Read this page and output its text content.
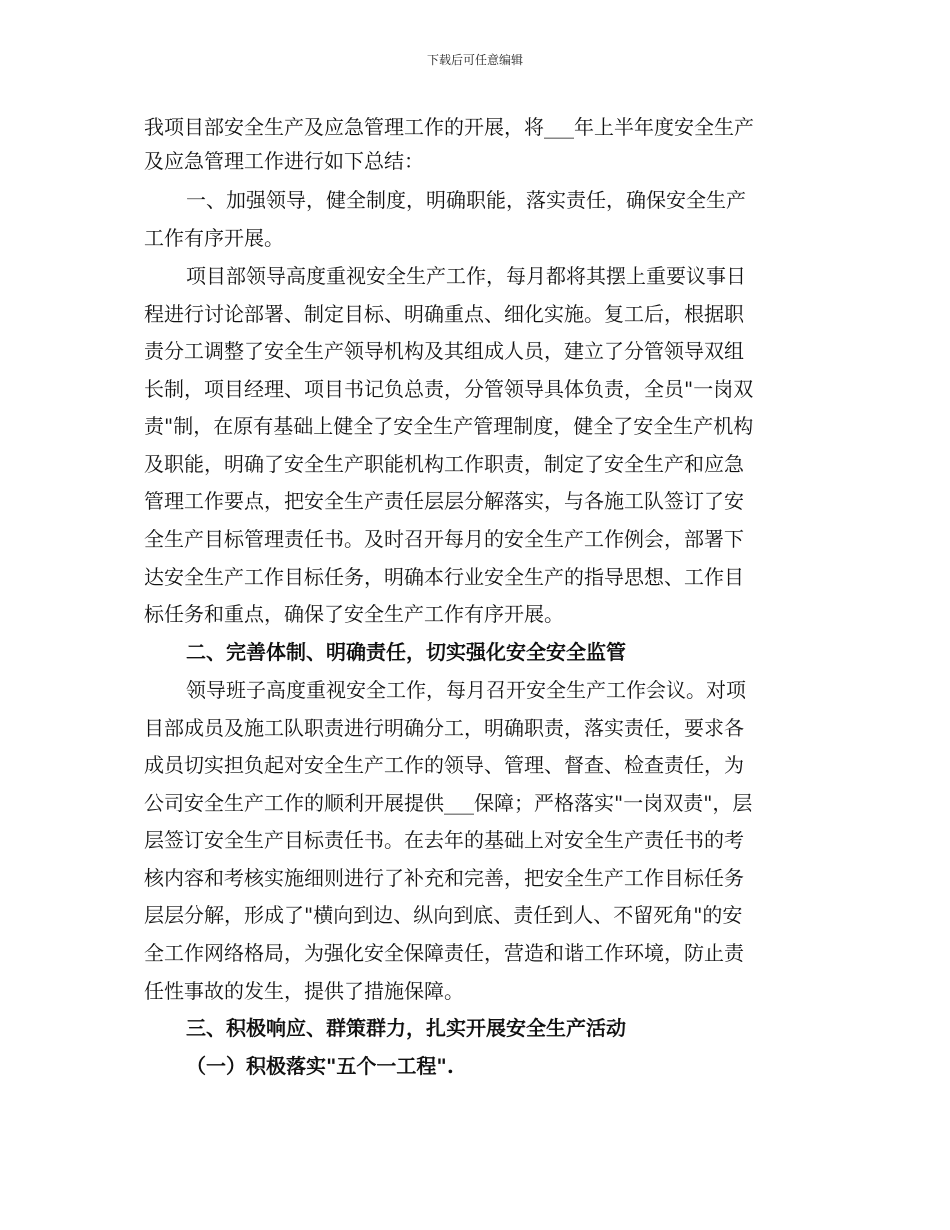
下载后可任意编辑
我项目部安全生产及应急管理工作的开展，将___年上半年度安全生产
及应急管理工作进行如下总结：
一、加强领导，健全制度，明确职能，落实责任，确保安全生产
工作有序开展。
项目部领导高度重视安全生产工作，每月都将其摆上重要议事日
程进行讨论部署、制定目标、明确重点、细化实施。复工后，根据职
责分工调整了安全生产领导机构及其组成人员，建立了分管领导双组
长制，项目经理、项目书记负总责，分管领导具体负责，全员"一岗双
责"制，在原有基础上健全了安全生产管理制度，健全了安全生产机构
及职能，明确了安全生产职能机构工作职责，制定了安全生产和应急
管理工作要点，把安全生产责任层层分解落实，与各施工队签订了安
全生产目标管理责任书。及时召开每月的安全生产工作例会，部署下
达安全生产工作目标任务，明确本行业安全生产的指导思想、工作目
标任务和重点，确保了安全生产工作有序开展。
二、完善体制、明确责任，切实强化安全安全监管
领导班子高度重视安全工作，每月召开安全生产工作会议。对项
目部成员及施工队职责进行明确分工，明确职责，落实责任，要求各
成员切实担负起对安全生产工作的领导、管理、督查、检查责任，为
公司安全生产工作的顺利开展提供___保障；严格落实"一岗双责"，层
层签订安全生产目标责任书。在去年的基础上对安全生产责任书的考
核内容和考核实施细则进行了补充和完善，把安全生产工作目标任务
层层分解，形成了"横向到边、纵向到底、责任到人、不留死角"的安
全工作网络格局，为强化安全保障责任，营造和谐工作环境，防止责
任性事故的发生，提供了措施保障。
三、积极响应、群策群力，扎实开展安全生产活动
（一）积极落实"五个一工程".
